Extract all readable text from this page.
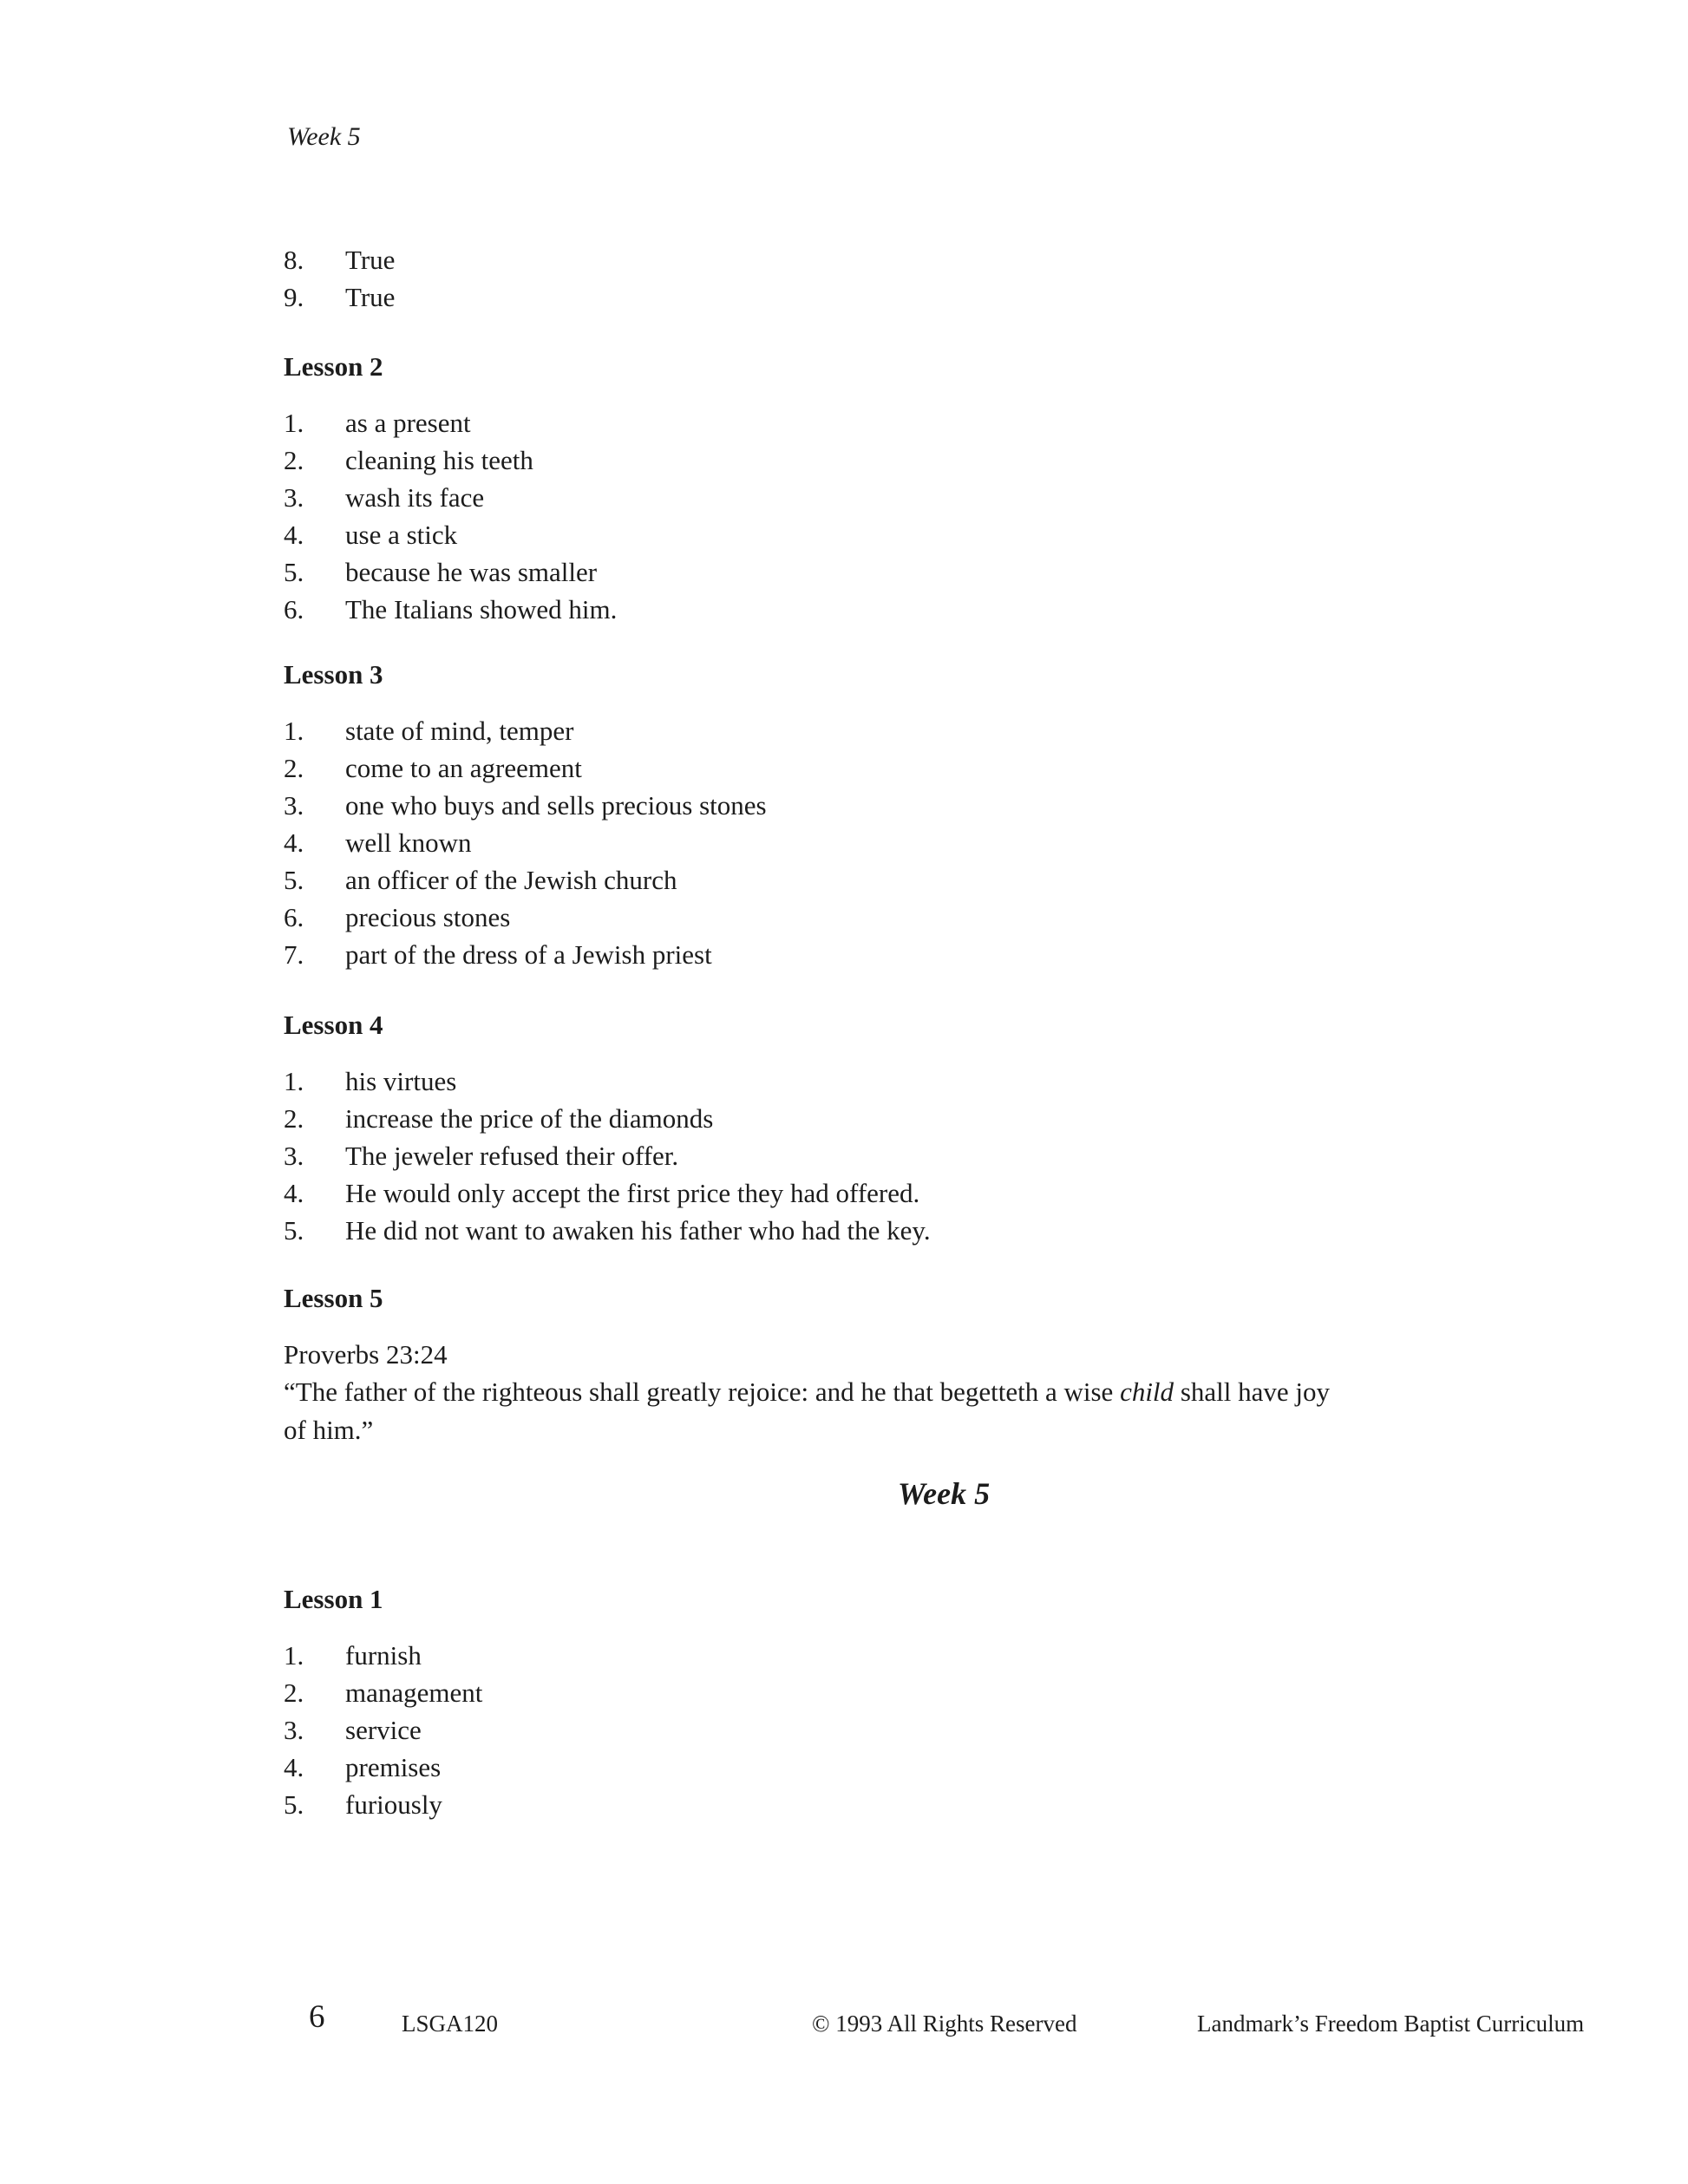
Week 5
8.	True
9.	True
Lesson 2
1.	as a present
2.	cleaning his teeth
3.	wash its face
4.	use a stick
5.	because he was smaller
6.	The Italians showed him.
Lesson 3
1.	state of mind, temper
2.	come to an agreement
3.	one who buys and sells precious stones
4.	well known
5.	an officer of the Jewish church
6.	precious stones
7.	part of the dress of a Jewish priest
Lesson 4
1.	his virtues
2.	increase the price of the diamonds
3.	The jeweler refused their offer.
4.	He would only accept the first price they had offered.
5.	He did not want to awaken his father who had the key.
Lesson 5
Proverbs 23:24
“The father of the righteous shall greatly rejoice: and he that begetteth a wise child shall have joy
of him.”
Week 5
Lesson 1
1.	furnish
2.	management
3.	service
4.	premises
5.	furiously
6	LSGA120	© 1993 All Rights Reserved	Landmark’s Freedom Baptist Curriculum
